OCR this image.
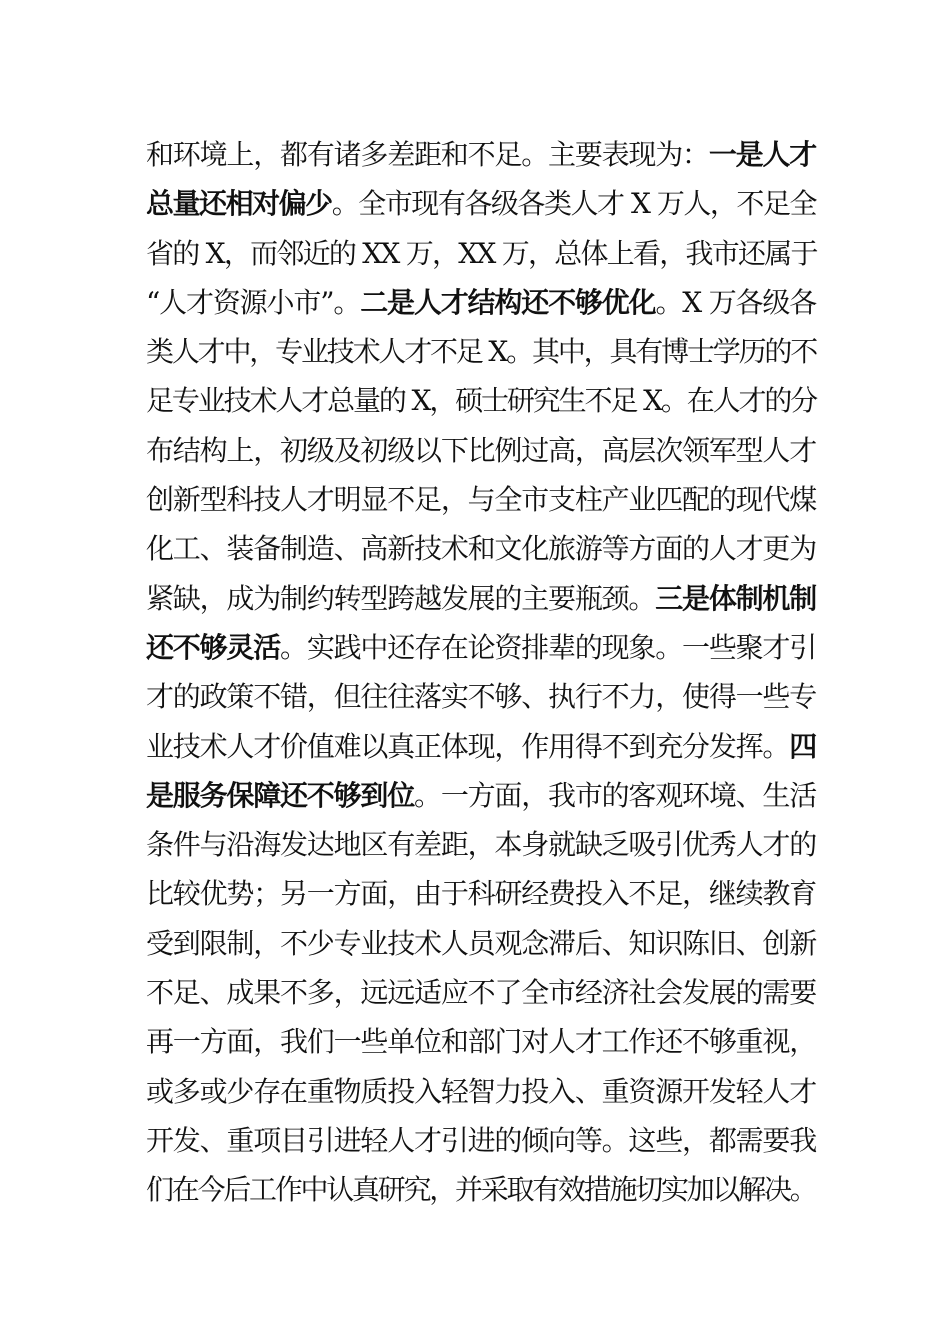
和环境上，都有诸多差距和不足。主要表现为：一是人才
总量还相对偏少。全市现有各级各类人才 X 万人，不足全
省的 X，而邻近的 XX 万，XX 万，总体上看，我市还属于
“人才资源小市”。二是人才结构还不够优化。X 万各级各
类人才中，专业技术人才不足 X。其中，具有博士学历的不
足专业技术人才总量的 X，硕士研究生不足 X。在人才的分
布结构上，初级及初级以下比例过高，高层次领军型人才
创新型科技人才明显不足，与全市支柱产业匹配的现代煤
化工、装备制造、高新技术和文化旅游等方面的人才更为
紧缺，成为制约转型跨越发展的主要瓶颈。三是体制机制
还不够灵活。实践中还存在论资排辈的现象。一些聚才引
才的政策不错，但往往落实不够、执行不力，使得一些专
业技术人才价值难以真正体现，作用得不到充分发挥。四
是服务保障还不够到位。一方面，我市的客观环境、生活
条件与沿海发达地区有差距，本身就缺乏吸引优秀人才的
比较优势；另一方面，由于科研经费投入不足，继续教育
受到限制，不少专业技术人员观念滞后、知识陈旧、创新
不足、成果不多，远远适应不了全市经济社会发展的需要
再一方面，我们一些单位和部门对人才工作还不够重视，
或多或少存在重物质投入轻智力投入、重资源开发轻人才
开发、重项目引进轻人才引进的倾向等。这些，都需要我
们在今后工作中认真研究，并采取有效措施切实加以解决。
